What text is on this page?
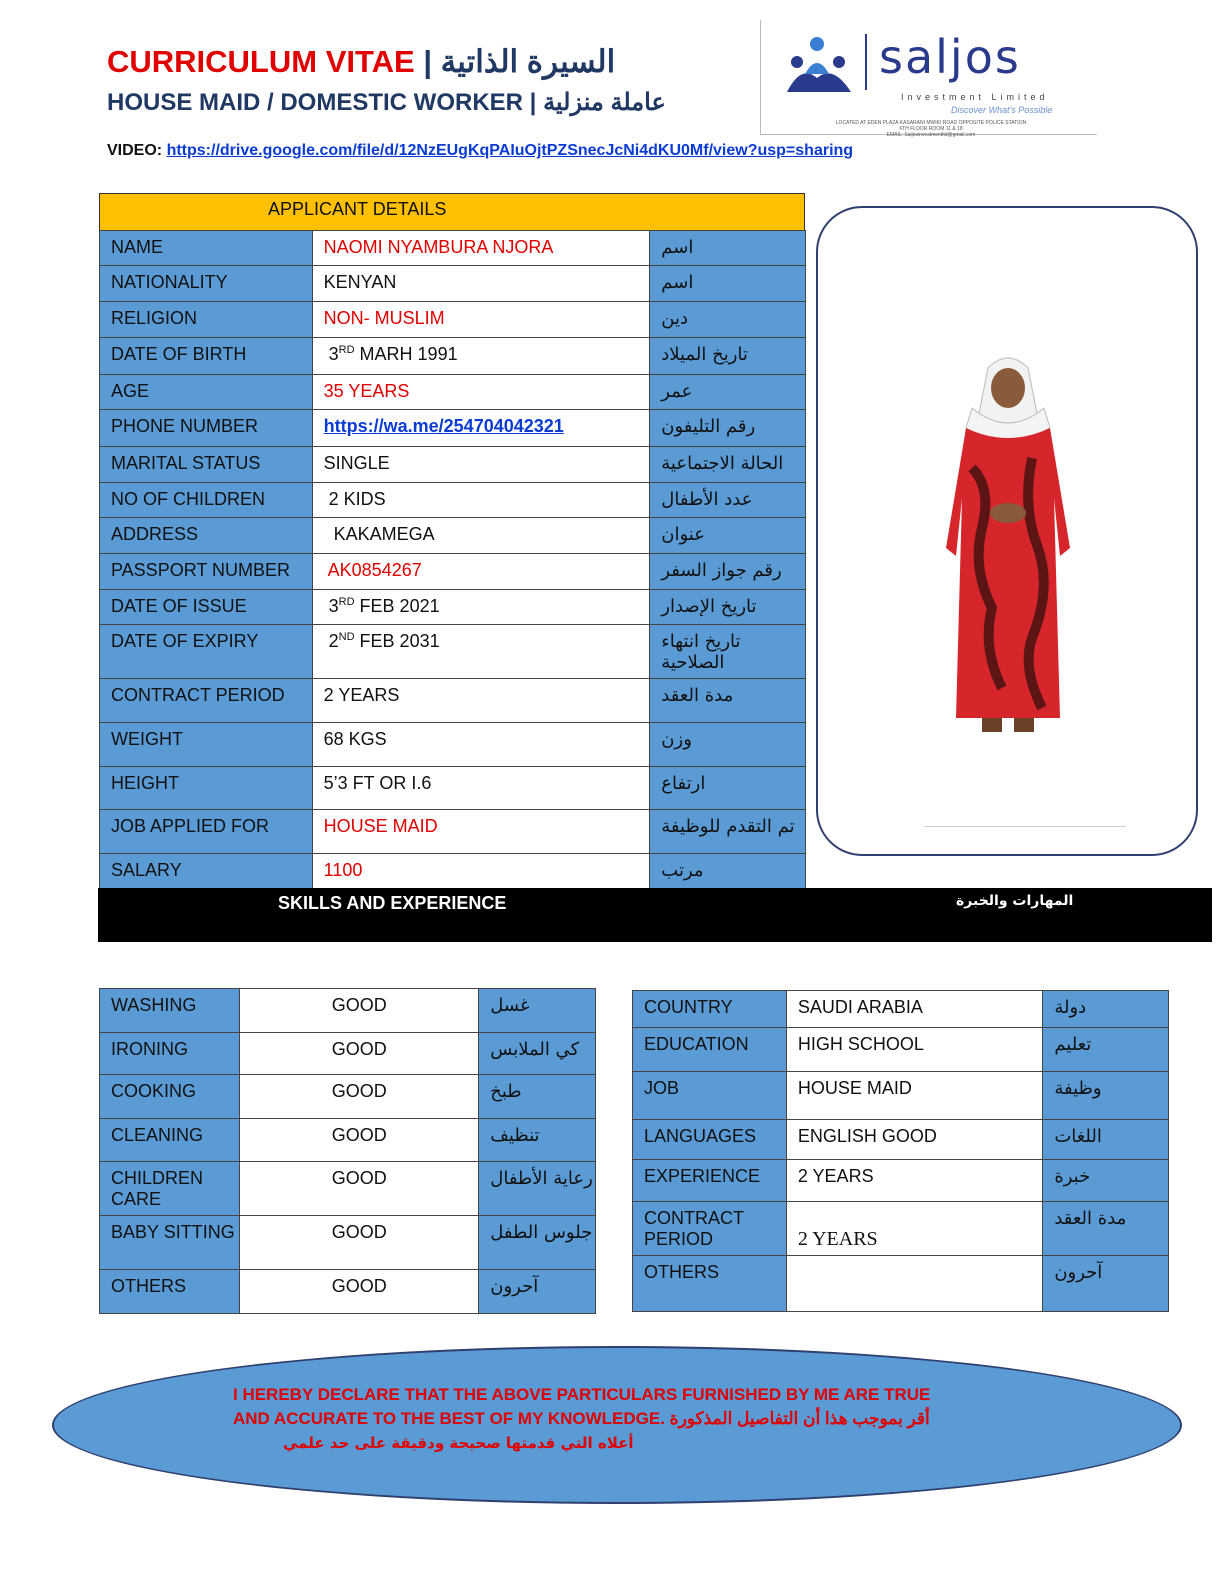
CURRICULUM VITAE | السيرة الذاتية
HOUSE MAID / DOMESTIC WORKER | عاملة منزلية
VIDEO: https://drive.google.com/file/d/12NzEUgKqPAIuOjtPZSnecJcNi4dKU0Mf/view?usp=sharing
saljos
Investment Limited
Discover What's Possible
LOCATED AT EDEN PLAZA KASARANI MWIKI ROAD OPPOSITE POLICE STATION
6TH FLOOR ROOM 11 & 18
EMAIL: Saljosinvestmentltd@gmail.com
APPLICANT DETAILS
NAME	NAOMI NYAMBURA NJORA	اسم
NATIONALITY	KENYAN	اسم
RELIGION	NON- MUSLIM	دين
DATE OF BIRTH	3RD MARH 1991	تاريخ الميلاد
AGE	35 YEARS	عمر
PHONE NUMBER	https://wa.me/254704042321	رقم التليفون
MARITAL STATUS	SINGLE	الحالة الاجتماعية
NO OF CHILDREN	2 KIDS	عدد الأطفال
ADDRESS	KAKAMEGA	عنوان
PASSPORT NUMBER	AK0854267	رقم جواز السفر
DATE OF ISSUE	3RD FEB 2021	تاريخ الإصدار
DATE OF EXPIRY	2ND FEB 2031	تاريخ انتهاء الصلاحية
CONTRACT PERIOD	2 YEARS	مدة العقد
WEIGHT	68 KGS	وزن
HEIGHT	5’3 FT OR I.6	ارتفاع
JOB APPLIED FOR	HOUSE MAID	تم التقدم للوظيفة
SALARY	1100	مرتب
SKILLS AND EXPERIENCE	المهارات والخبرة
WASHING	GOOD	غسل
IRONING	GOOD	كي الملابس
COOKING	GOOD	طبخ
CLEANING	GOOD	تنظيف
CHILDREN CARE	GOOD	رعاية الأطفال
BABY SITTING	GOOD	جلوس الطفل
OTHERS	GOOD	آحرون
COUNTRY	SAUDI ARABIA	دولة
EDUCATION	HIGH SCHOOL	تعليم
JOB	HOUSE MAID	وظيفة
LANGUAGES	ENGLISH GOOD	اللغات
EXPERIENCE	2 YEARS	خبرة
CONTRACT PERIOD	2 YEARS	مدة العقد
OTHERS		آحرون
I HEREBY DECLARE THAT THE ABOVE PARTICULARS FURNISHED BY ME ARE TRUE
AND ACCURATE TO THE BEST OF MY KNOWLEDGE. أقر بموجب هذا أن التفاصيل المذكورة
أعلاه التي قدمتها صحيحة ودقيقة على حد علمي
